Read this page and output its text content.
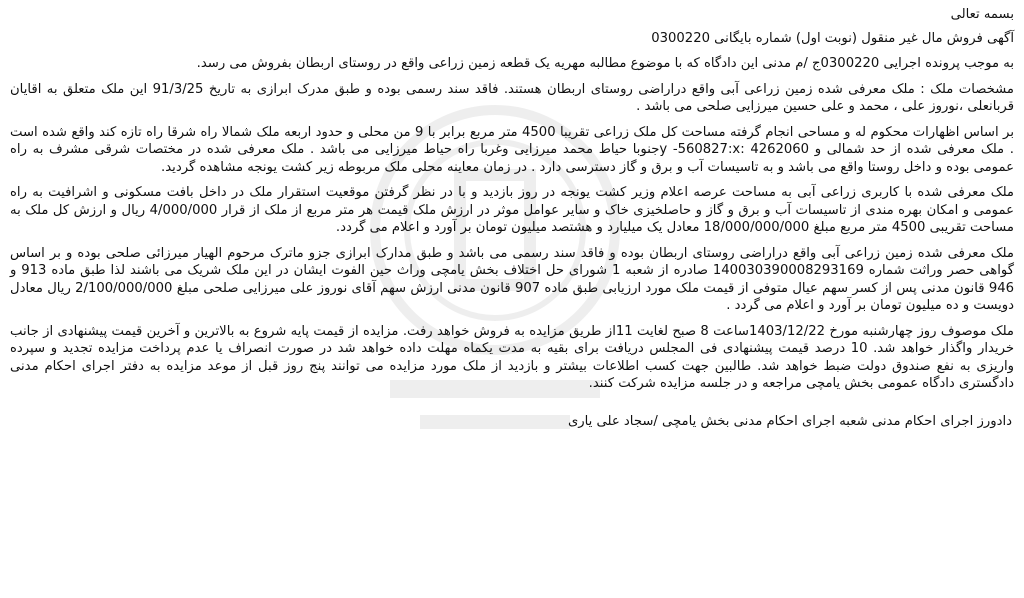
بسمه تعالی
آگهی فروش مال غیر منقول (نوبت اول) شماره بایگانی 0300220

به موجب پرونده اجرایی 0300220ج /م مدنی این دادگاه که با موضوع مطالبه مهریه یک قطعه زمین زراعی واقع در روستای اربطان بفروش می رسد.

مشخصات ملک : ملک معرفی شده زمین زراعی آبی واقع دراراضی روستای اربطان هستند. فاقد سند رسمی بوده و طبق مدرک ابرازی به تاریخ 91/3/25 این ملک متعلق به اقایان قربانعلی ،نوروز علی ، محمد و علی حسین میرزایی صلحی می باشد .

بر اساس اظهارات محکوم له و مساحی انجام گرفته مساحت کل ملک زراعی تقریبا 4500 متر مربع برابر با 9 من محلی و حدود اربعه ملک شمالا راه شرقا راه تازه کند واقع شده است . ملک معرفی شده از حد شمالی و 4262060 :y -560827:xجنوبا حیاط محمد میرزایی وغربا راه حیاط میرزایی می باشد . ملک معرفی شده در مختصات شرقی مشرف به راه عمومی بوده و داخل روستا واقع می باشد و به تاسیسات آب و برق و گاز دسترسی دارد . در زمان معاینه محلی ملک مربوطه زیر کشت یونجه مشاهده گردید.

ملک معرفی شده با کاربری زراعی آبی به مساحت عرصه اعلام وزیر کشت یونجه در روز بازدید و با در نظر گرفتن موقعیت استقرار ملک در داخل بافت مسکونی و اشرافیت به راه عمومی و امکان بهره مندی از تاسیسات آب و برق و گاز و حاصلخیزی خاک و سایر عوامل موثر در ارزش ملک قیمت هر متر مربع از ملک از قرار 4/000/000 ریال و ارزش کل ملک به مساحت تقریبی 4500 متر مربع مبلغ 18/000/000/000 معادل یک میلیارد و هشتصد میلیون تومان بر آورد و اعلام می گردد.

ملک معرفی شده زمین زراعی آبی واقع دراراضی روستای اربطان بوده و فاقد سند رسمی می باشد و طبق مدارک ابرازی جزو ماترک مرحوم الهیار میرزائی صلحی بوده و بر اساس گواهی حصر وراثت شماره 140030390008293169 صادره از شعبه 1 شورای حل اختلاف بخش یامچی وراث حین الفوت ایشان در این ملک شریک می باشند لذا طبق ماده 913 و 946 قانون مدنی پس از کسر سهم عیال متوفی از قیمت ملک مورد ارزیابی طبق ماده 907 قانون مدنی ارزش سهم آقای نوروز علی میرزایی صلحی مبلغ 2/100/000/000 ریال معادل دویست و ده میلیون تومان بر آورد و اعلام می گردد .

ملک موصوف روز چهارشنبه مورخ 1403/12/22ساعت 8 صبح لغایت 11از طریق مزایده به فروش خواهد رفت. مزایده از قیمت پایه شروع به بالاترین و آخرین قیمت پیشنهادی از جانب خریدار واگذار خواهد شد. 10 درصد قیمت پیشنهادی فی المجلس دریافت برای بقیه به مدت یکماه مهلت داده خواهد شد در صورت انصراف یا عدم پرداخت مزایده تجدید و سپرده واریزی به نفع صندوق دولت ضبط خواهد شد. طالبین جهت کسب اطلاعات بیشتر و بازدید از ملک مورد مزایده می توانند پنج روز قبل از موعد مزایده به دفتر اجرای احکام مدنی دادگستری دادگاه عمومی بخش یامچی مراجعه و در جلسه مزایده شرکت کنند.

دادورز اجرای احکام مدنی شعبه اجرای احکام مدنی بخش یامچی /سجاد علی یاری
